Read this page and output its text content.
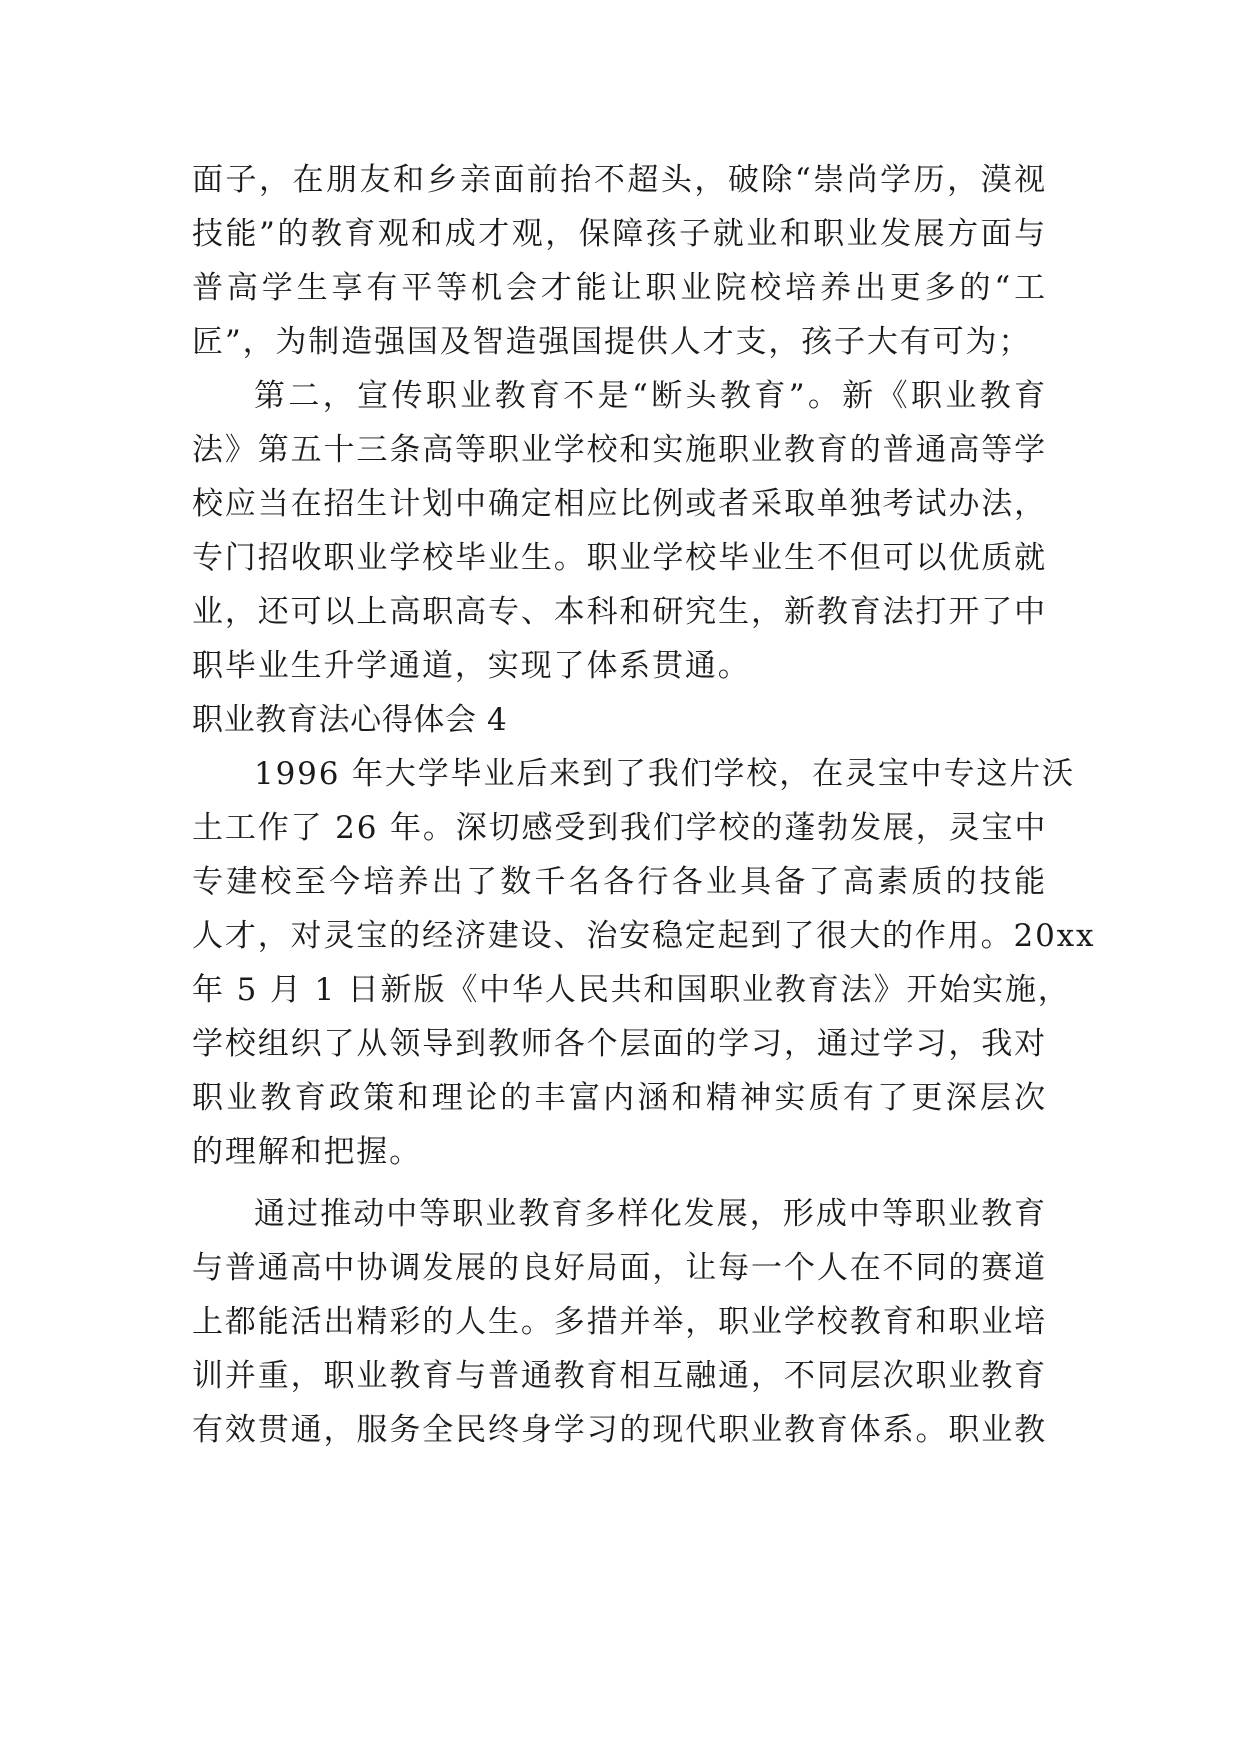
面子，在朋友和乡亲面前抬不超头，破除“崇尚学历，漠视
技能”的教育观和成才观，保障孩子就业和职业发展方面与
普高学生享有平等机会才能让职业院校培养出更多的“工
匠”，为制造强国及智造强国提供人才支，孩子大有可为；
第二，宣传职业教育不是“断头教育”。新《职业教育
法》第五十三条高等职业学校和实施职业教育的普通高等学
校应当在招生计划中确定相应比例或者采取单独考试办法，
专门招收职业学校毕业生。职业学校毕业生不但可以优质就
业，还可以上高职高专、本科和研究生，新教育法打开了中
职毕业生升学通道，实现了体系贯通。
职业教育法心得体会 4
1996 年大学毕业后来到了我们学校，在灵宝中专这片沃
土工作了 26 年。深切感受到我们学校的蓬勃发展，灵宝中
专建校至今培养出了数千名各行各业具备了高素质的技能
人才，对灵宝的经济建设、治安稳定起到了很大的作用。20xx
年 5 月 1 日新版《中华人民共和国职业教育法》开始实施，
学校组织了从领导到教师各个层面的学习，通过学习，我对
职业教育政策和理论的丰富内涵和精神实质有了更深层次
的理解和把握。
通过推动中等职业教育多样化发展，形成中等职业教育
与普通高中协调发展的良好局面，让每一个人在不同的赛道
上都能活出精彩的人生。多措并举，职业学校教育和职业培
训并重，职业教育与普通教育相互融通，不同层次职业教育
有效贯通，服务全民终身学习的现代职业教育体系。职业教
